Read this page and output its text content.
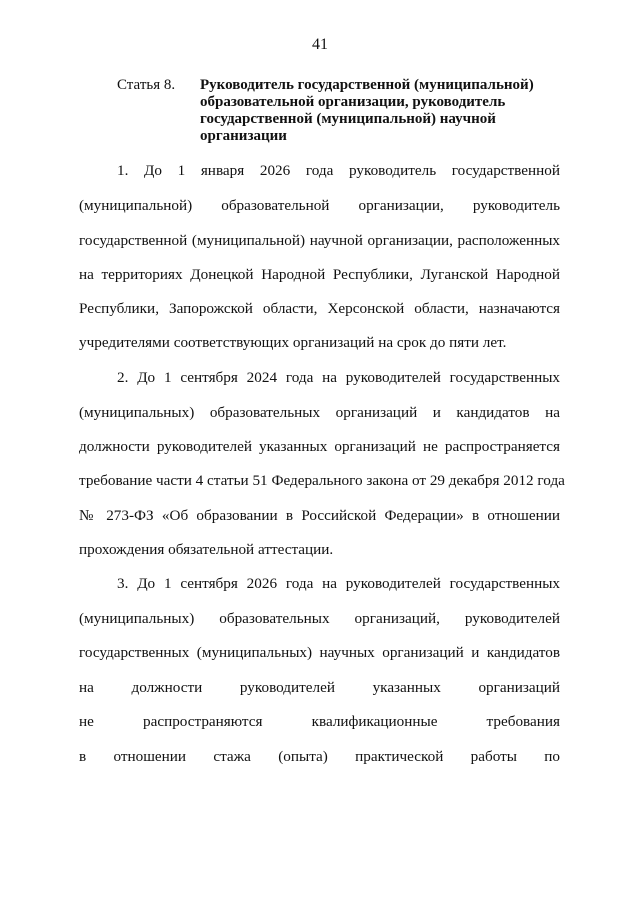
41
Статья 8.	Руководитель государственной (муниципальной)
образовательной организации, руководитель
государственной (муниципальной) научной
организации
1. До 1 января 2026 года руководитель государственной
(муниципальной) образовательной организации, руководитель
государственной (муниципальной) научной организации, расположенных
на территориях Донецкой Народной Республики, Луганской Народной
Республики, Запорожской области, Херсонской области, назначаются
учредителями соответствующих организаций на срок до пяти лет.
2. До 1 сентября 2024 года на руководителей государственных
(муниципальных) образовательных организаций и кандидатов на
должности руководителей указанных организаций не распространяется
требование части 4 статьи 51 Федерального закона от 29 декабря 2012 года
№ 273-ФЗ «Об образовании в Российской Федерации» в отношении
прохождения обязательной аттестации.
3. До 1 сентября 2026 года на руководителей государственных
(муниципальных) образовательных организаций, руководителей
государственных (муниципальных) научных организаций и кандидатов
на должности руководителей указанных организаций
не распространяются квалификационные требования
в отношении стажа (опыта) практической работы по
